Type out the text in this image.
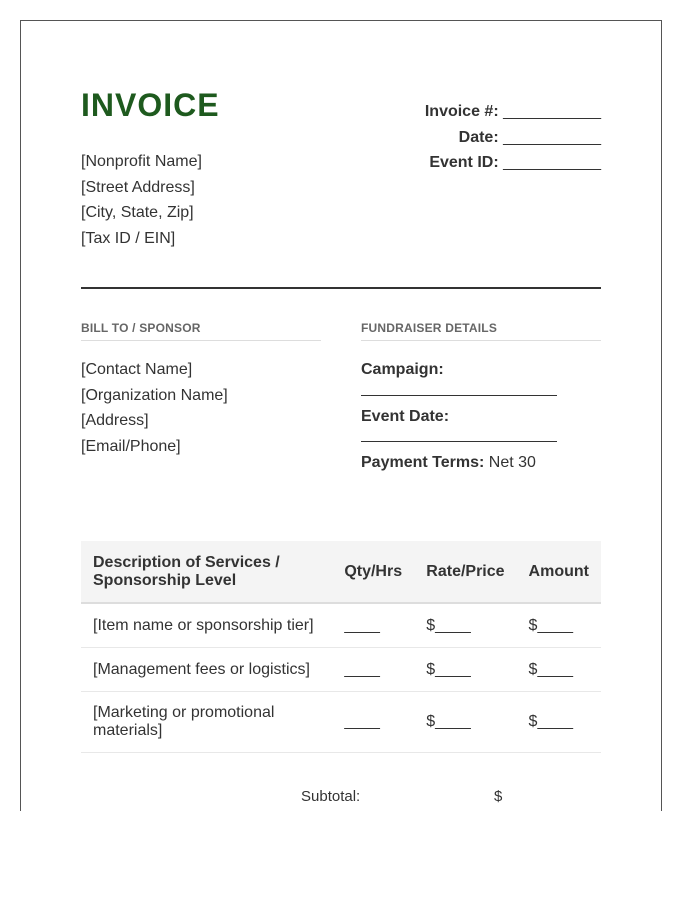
INVOICE
[Nonprofit Name]
[Street Address]
[City, State, Zip]
[Tax ID / EIN]
Invoice #: ___________
Date: ___________
Event ID: ___________
BILL TO / SPONSOR	FUNDRAISER DETAILS
[Contact Name]
[Organization Name]
[Address]
[Email/Phone]
Campaign:
Event Date:
Payment Terms: Net 30
Description of Services / Sponsorship Level	Qty/Hrs	Rate/Price	Amount
[Item name or sponsorship tier]	____	$____	$____
[Management fees or logistics]	____	$____	$____
[Marketing or promotional materials]	____	$____	$____
Subtotal:	$
